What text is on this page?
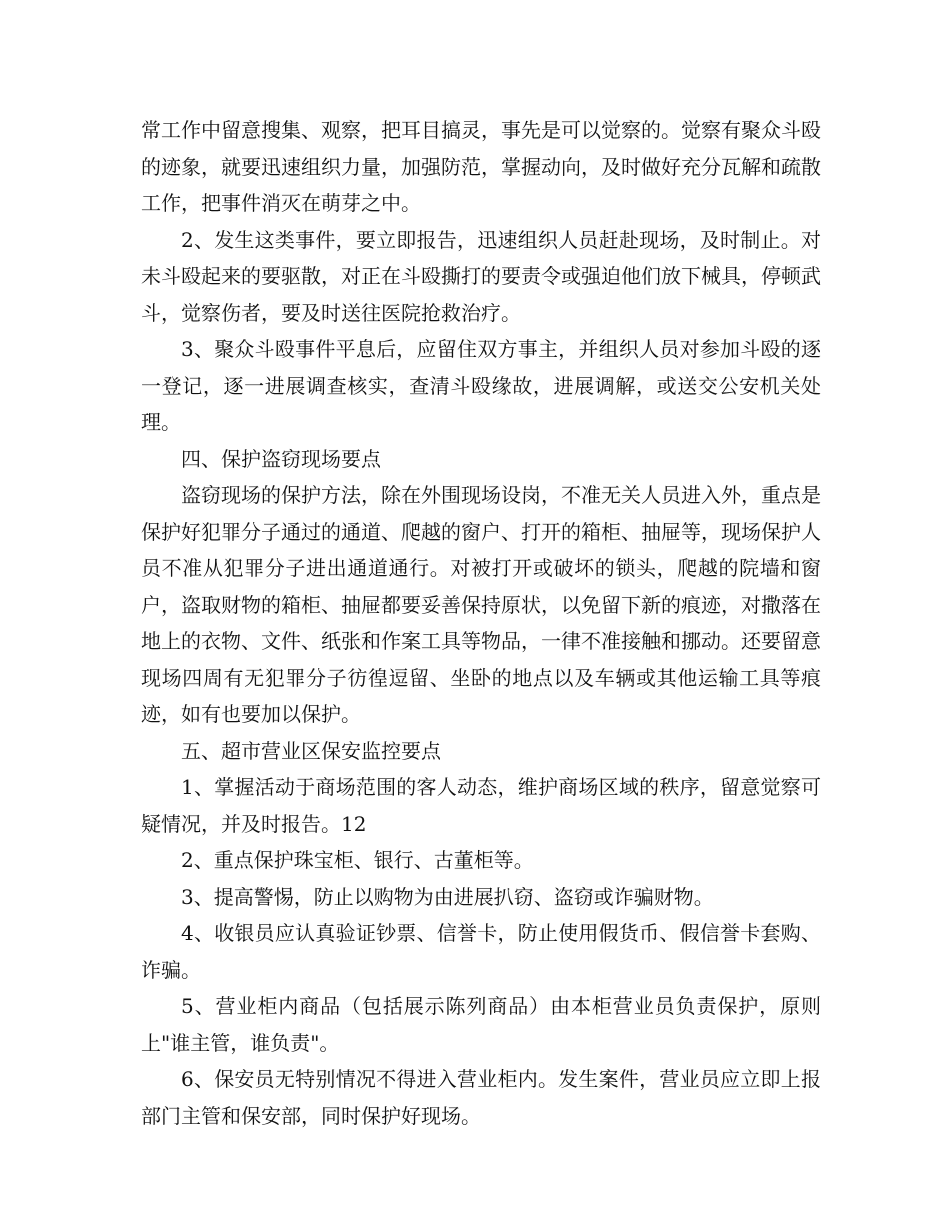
常工作中留意搜集、观察，把耳目搞灵，事先是可以觉察的。觉察有聚众斗殴的迹象，就要迅速组织力量，加强防范，掌握动向，及时做好充分瓦解和疏散工作，把事件消灭在萌芽之中。

2、发生这类事件，要立即报告，迅速组织人员赶赴现场，及时制止。对未斗殴起来的要驱散，对正在斗殴撕打的要责令或强迫他们放下械具，停顿武斗，觉察伤者，要及时送往医院抢救治疗。

3、聚众斗殴事件平息后，应留住双方事主，并组织人员对参加斗殴的逐一登记，逐一进展调查核实，查清斗殴缘故，进展调解，或送交公安机关处理。

四、保护盗窃现场要点

盗窃现场的保护方法，除在外围现场设岗，不准无关人员进入外，重点是保护好犯罪分子通过的通道、爬越的窗户、打开的箱柜、抽屉等，现场保护人员不准从犯罪分子进出通道通行。对被打开或破坏的锁头，爬越的院墙和窗户，盗取财物的箱柜、抽屉都要妥善保持原状，以免留下新的痕迹，对撒落在地上的衣物、文件、纸张和作案工具等物品，一律不准接触和挪动。还要留意现场四周有无犯罪分子彷徨逗留、坐卧的地点以及车辆或其他运输工具等痕迹，如有也要加以保护。

五、超市营业区保安监控要点

1、掌握活动于商场范围的客人动态，维护商场区域的秩序，留意觉察可疑情况，并及时报告。12

2、重点保护珠宝柜、银行、古董柜等。

3、提高警惕，防止以购物为由进展扒窃、盗窃或诈骗财物。

4、收银员应认真验证钞票、信誉卡，防止使用假货币、假信誉卡套购、诈骗。

5、营业柜内商品（包括展示陈列商品）由本柜营业员负责保护，原则上"谁主管，谁负责"。

6、保安员无特别情况不得进入营业柜内。发生案件，营业员应立即上报部门主管和保安部，同时保护好现场。
